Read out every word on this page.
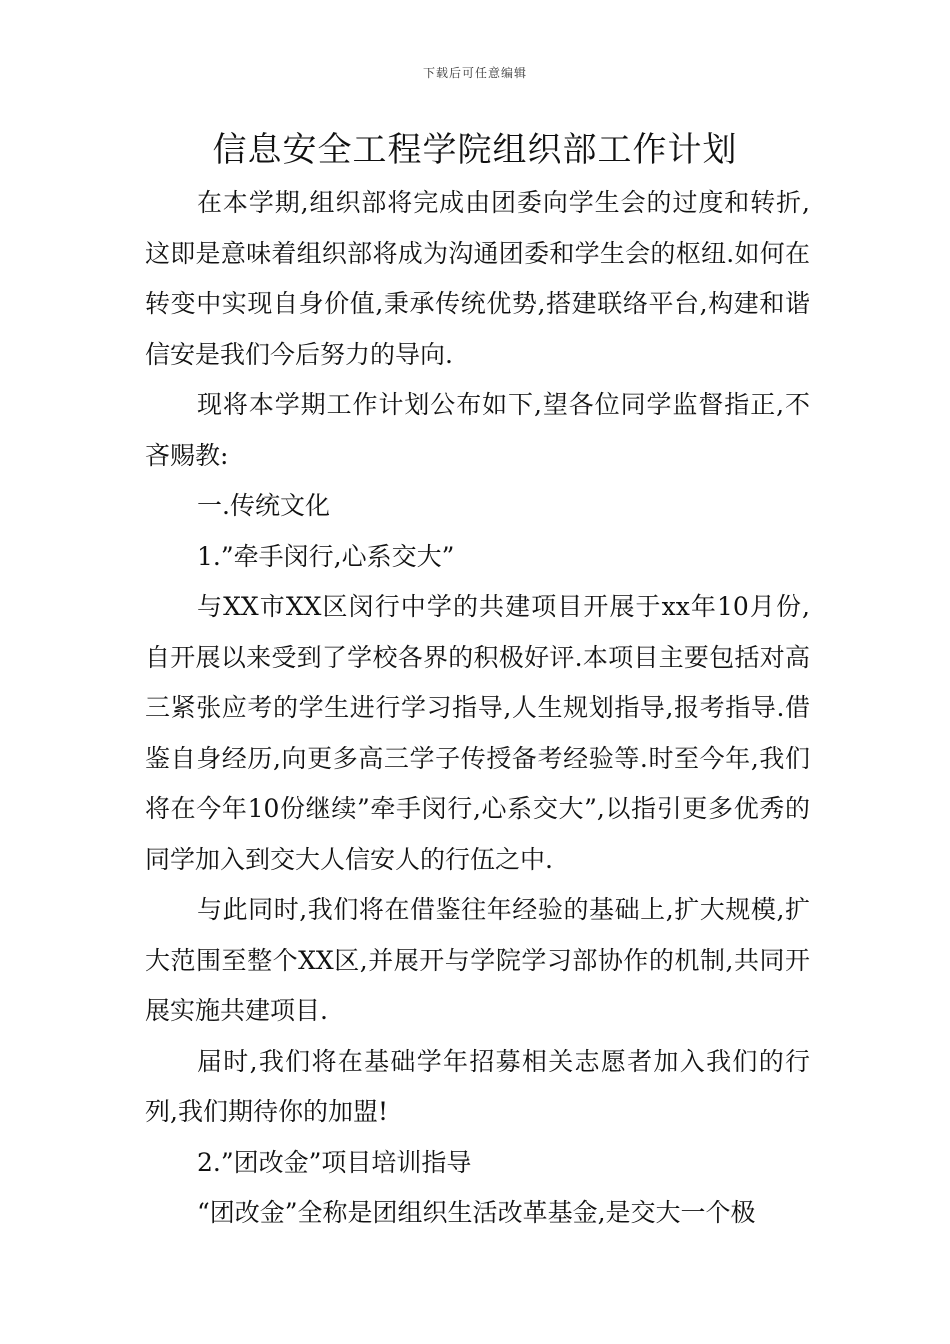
下载后可任意编辑
信息安全工程学院组织部工作计划

在本学期,组织部将完成由团委向学生会的过度和转折,这即是意味着组织部将成为沟通团委和学生会的枢纽.如何在转变中实现自身价值,秉承传统优势,搭建联络平台,构建和谐信安是我们今后努力的导向.

现将本学期工作计划公布如下,望各位同学监督指正,不吝赐教:

一.传统文化

1.”牵手闵行,心系交大”

与XX市XX区闵行中学的共建项目开展于xx年10月份,自开展以来受到了学校各界的积极好评.本项目主要包括对高三紧张应考的学生进行学习指导,人生规划指导,报考指导.借鉴自身经历,向更多高三学子传授备考经验等.时至今年,我们将在今年10份继续”牵手闵行,心系交大”,以指引更多优秀的同学加入到交大人信安人的行伍之中.

与此同时,我们将在借鉴往年经验的基础上,扩大规模,扩大范围至整个XX区,并展开与学院学习部协作的机制,共同开展实施共建项目.

届时,我们将在基础学年招募相关志愿者加入我们的行列,我们期待你的加盟!

2.”团改金”项目培训指导

“团改金”全称是团组织生活改革基金,是交大一个极
